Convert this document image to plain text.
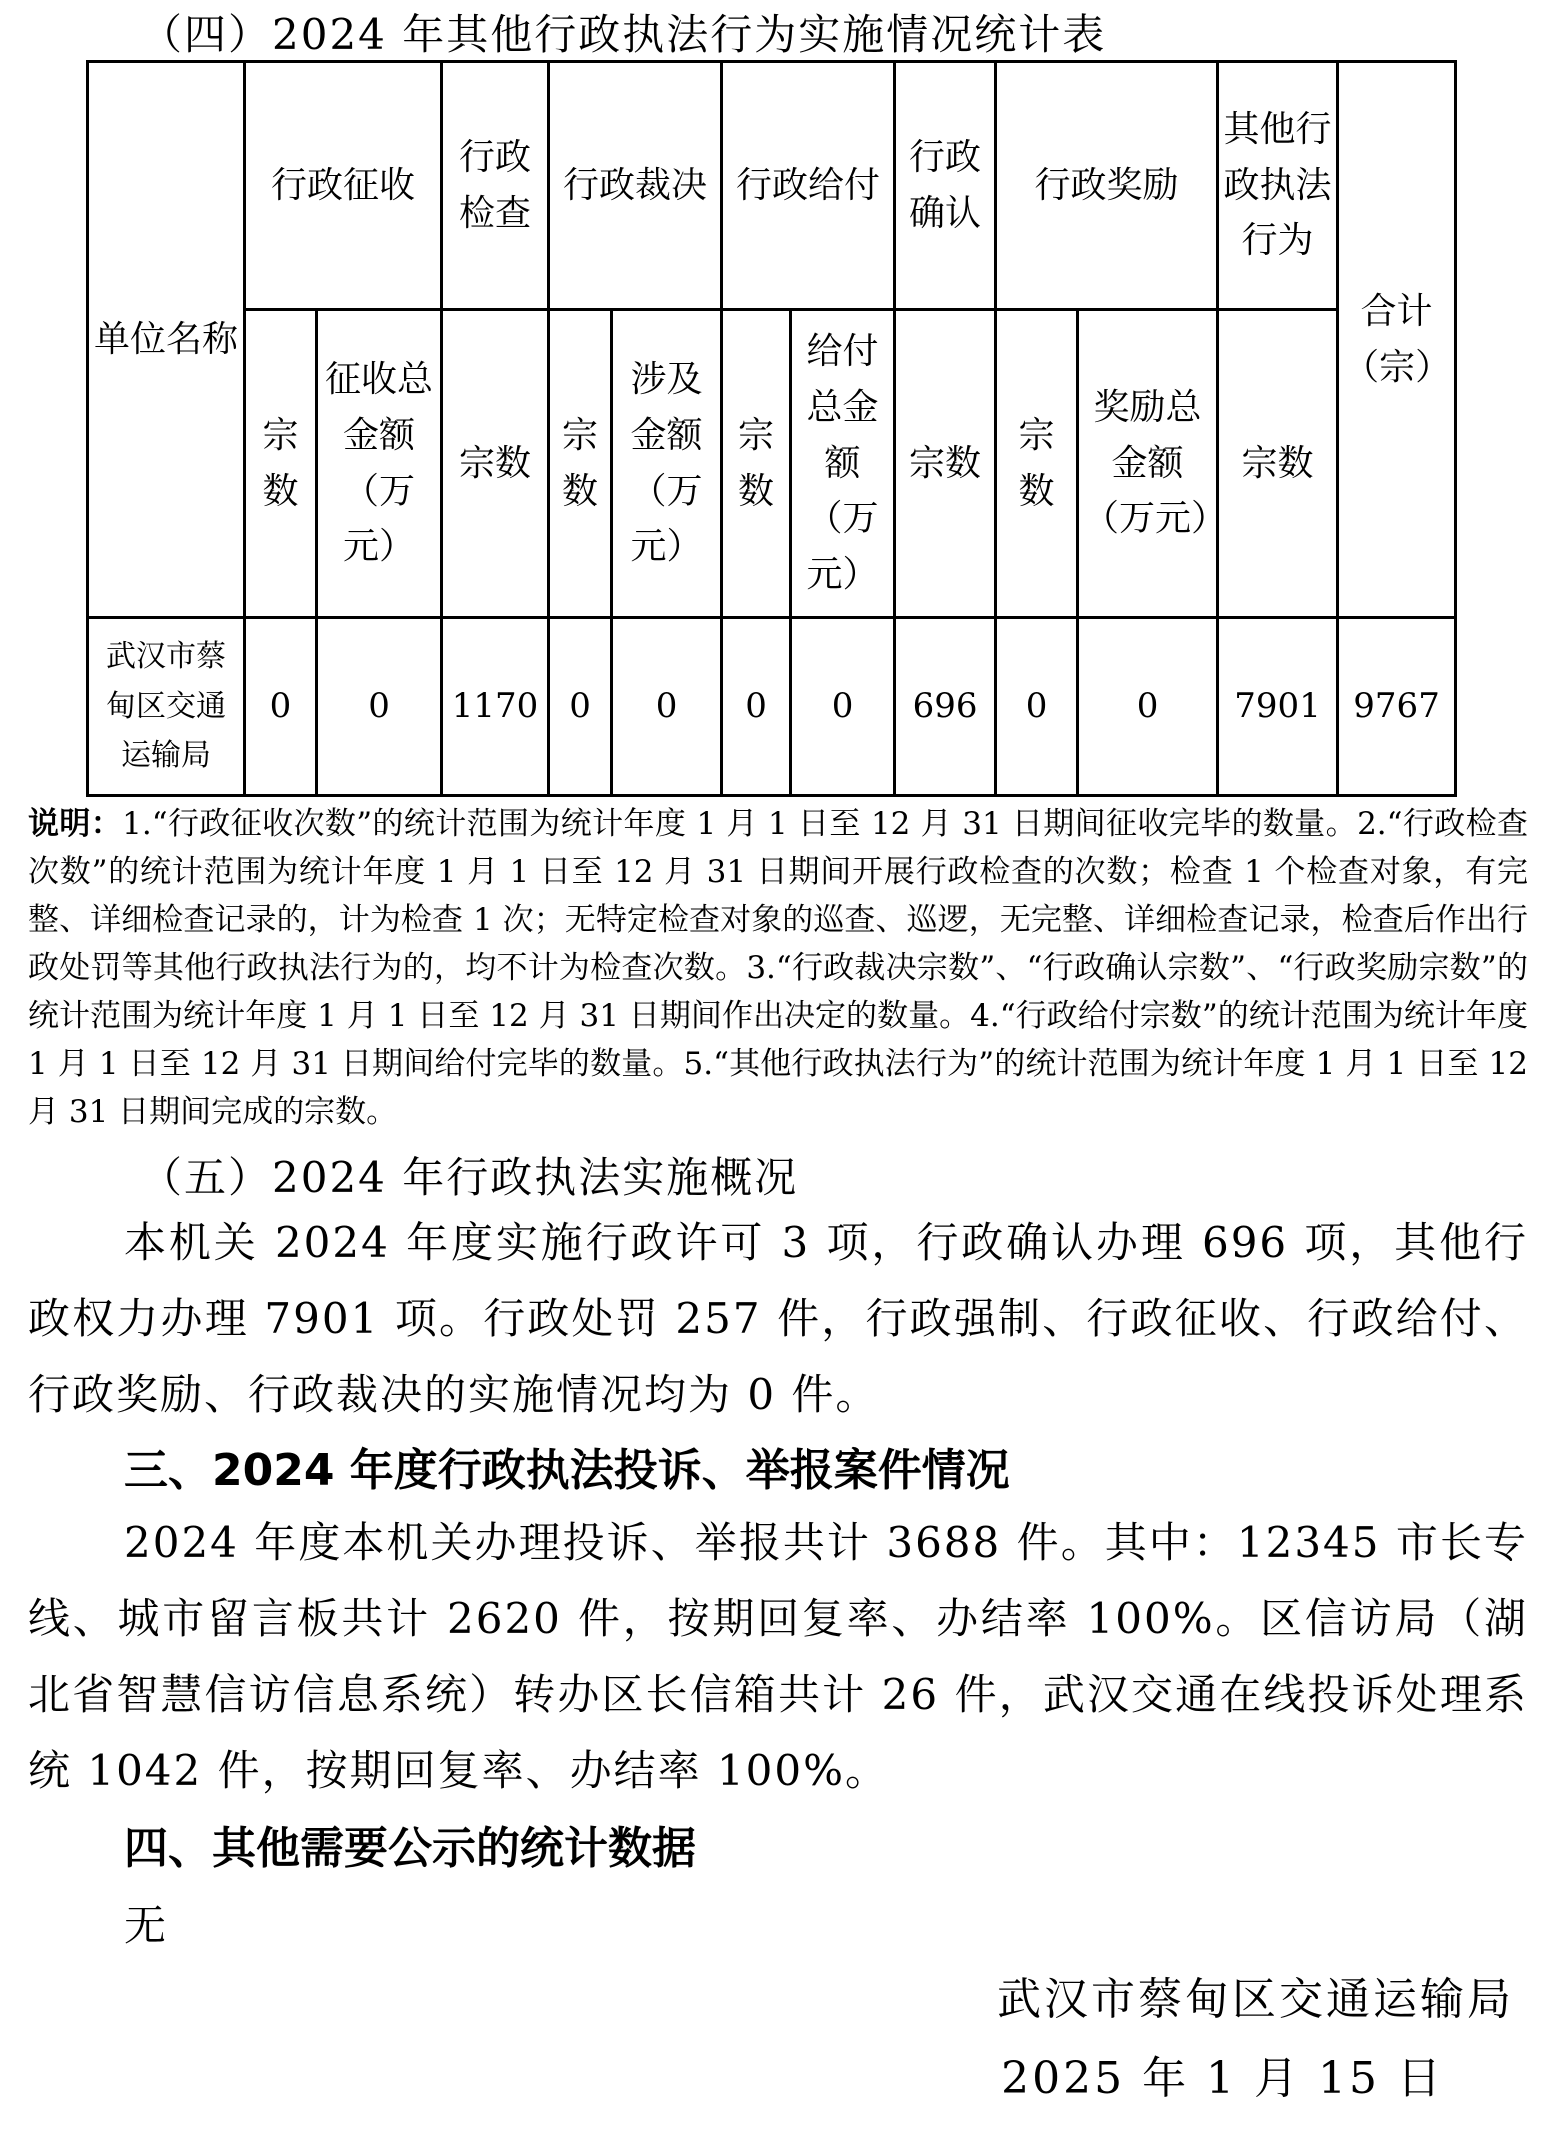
（四）2024 年其他行政执法行为实施情况统计表
单位名称	行政征收		行政检查	行政裁决		行政给付		行政确认	行政奖励		其他行政执法行为	合计（宗）
	宗数	征收总金额（万元）	宗数	宗数	涉及金额（万元）	宗数	给付总金额（万元）	宗数	宗数	奖励总金额（万元）	宗数	
武汉市蔡甸区交通运输局	0	0	1170	0	0	0	0	696	0	0	7901	9767
说明：1.“行政征收次数”的统计范围为统计年度 1 月 1 日至 12 月 31 日期间征收完毕的数量。2.“行政检查次数”的统计范围为统计年度 1 月 1 日至 12 月 31 日期间开展行政检查的次数；检查 1 个检查对象，有完整、详细检查记录的，计为检查 1 次；无特定检查对象的巡查、巡逻，无完整、详细检查记录，检查后作出行政处罚等其他行政执法行为的，均不计为检查次数。3.“行政裁决宗数”、“行政确认宗数”、“行政奖励宗数”的统计范围为统计年度 1 月 1 日至 12 月 31 日期间作出决定的数量。4.“行政给付宗数”的统计范围为统计年度 1 月 1 日至 12 月 31 日期间给付完毕的数量。5.“其他行政执法行为”的统计范围为统计年度 1 月 1 日至 12 月 31 日期间完成的宗数。
（五）2024 年行政执法实施概况
本机关 2024 年度实施行政许可 3 项，行政确认办理 696 项，其他行政权力办理 7901 项。行政处罚 257 件，行政强制、行政征收、行政给付、行政奖励、行政裁决的实施情况均为 0 件。
三、2024 年度行政执法投诉、举报案件情况
2024 年度本机关办理投诉、举报共计 3688 件。其中：12345 市长专线、城市留言板共计 2620 件，按期回复率、办结率 100%。区信访局（湖北省智慧信访信息系统）转办区长信箱共计 26 件，武汉交通在线投诉处理系统 1042 件，按期回复率、办结率 100%。
四、其他需要公示的统计数据
无
武汉市蔡甸区交通运输局
2025 年 1 月 15 日
